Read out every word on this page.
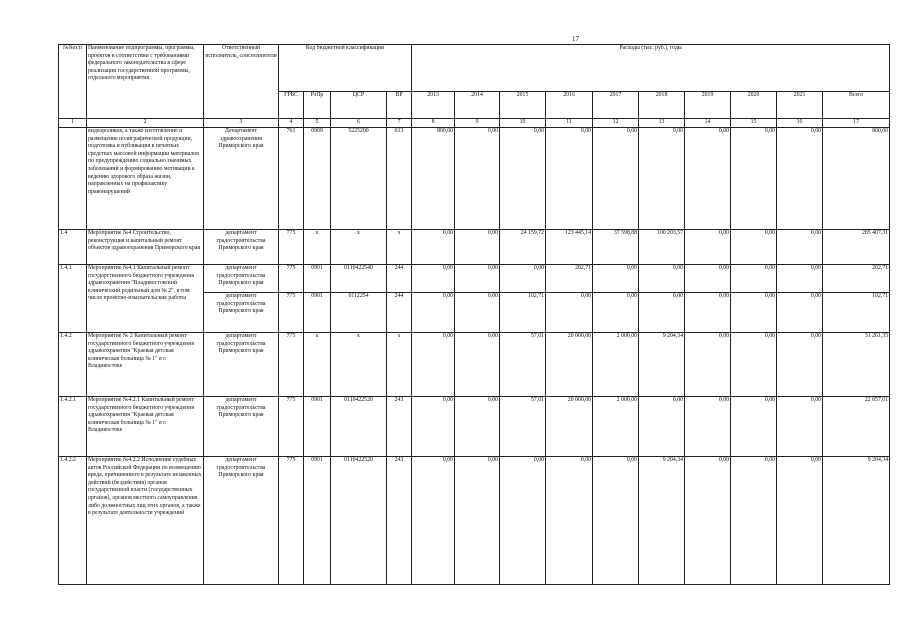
17
№№п/п	Наименование подпрограммы, программы, проектов в соответствии с требованиями федерального законодательства в сфере реализации государственной программы, отдельного мероприятия	Ответственный исполнитель, соисполнители	Код бюджетной классификации				Расходы (тыс. руб.), годы									
			ГРБС	РзПр	ЦСР	ВР	2013	2014	2015	2016	2017	2018	2019	2020	2021	Всего
1	2	3	4	5	6	7	8	9	10	11	12	13	14	15	16	17
	видеороликов, а также изготовление и размещение полиграфической продукции, подготовка и публикация в печатных средствах массовой информации материалов по предупреждению социально значимых заболеваний и формированию мотивации к ведению здорового образа жизни, направленных на профилактику правонарушений	Департамент здравоохранения Приморского края	761	0909	5225200	013	800,00	0,00	0,00	0,00	0,00	0,00	0,00	0,00	0,00	800,00
1.4	Мероприятие №4 Строительство, реконструкция и капитальный ремонт объектов здравоохранения Приморского края	департамент градостроительства Приморского края	775	х	х	х	0,00	0,00	24 159,72	123 445,14	37 598,88	100 203,57	0,00	0,00	0,00	285 407,31
1.4.1	Мероприятие №4.1 Капитальный ремонт государственного бюджетного учреждения здравоохранения "Владивостокский клинический родильный дом № 2", в том числе проектно-изыскательские работы	департамент градостроительства Приморского края	775	0901	0110422540	244	0,00	0,00	0,00	202,71	0,00	0,00	0,00	0,00	0,00	202,71
		департамент градостроительства Приморского края	775	0901	0112254	244	0,00	0,00	102,71	0,00	0,00	0,00	0,00	0,00	0,00	102,71
1.4.2	Мероприятие № 2 Капитальный ремонт государственного бюджетного учреждения здравоохранения "Краевая детская клиническая больница № 1" в г. Владивостоке	департамент градостроительства Приморского края	775	х	х	х	0,00	0,00	57,01	20 000,00	2 000,00	9 204,34	0,00	0,00	0,00	31 261,35
1.4.2.1	Мероприятие №4.2.1 Капитальный ремонт государственного бюджетного учреждения здравоохранения "Краевая детская клиническая больница № 1" в г. Владивостоке	департамент градостроительства Приморского края	775	0901	0110422520	243	0,00	0,00	57,01	20 000,00	2 000,00	0,00	0,00	0,00	0,00	22 057,01
1.4.2.2	Мероприятие №4.2.2 Исполнение судебных актов Российской Федерации по возмещению вреда, причиненного в результате незаконных действий (бездействия) органов государственной власти (государственных органов), органов местного самоуправления либо должностных лиц этих органов, а также в результате деятельности учреждений	департамент градостроительства Приморского края	775	0901	0110422520	243	0,00	0,00	0,00	0,00	0,00	9 204,34	0,00	0,00	0,00	9 204,34
